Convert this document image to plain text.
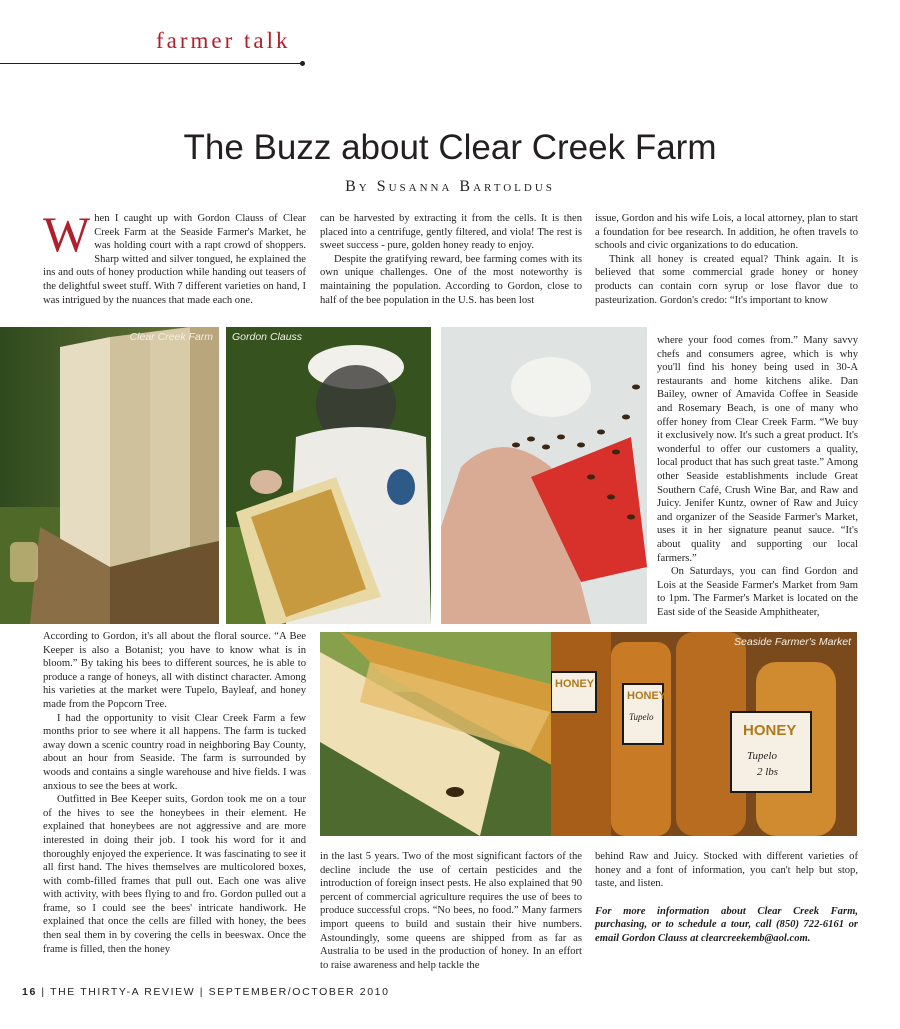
farmer talk
The Buzz about Clear Creek Farm
By Susanna Bartoldus

When I caught up with Gordon Clauss of Clear Creek Farm at the Seaside Farmer's Market, he was holding court with a rapt crowd of shoppers. Sharp witted and silver tongued, he explained the ins and outs of honey production while handing out teasers of the delightful sweet stuff. With 7 different varieties on hand, I was intrigued by the nuances that made each one.

can be harvested by extracting it from the cells. It is then placed into a centrifuge, gently filtered, and viola! The rest is sweet success - pure, golden honey ready to enjoy.

Despite the gratifying reward, bee farming comes with its own unique challenges. One of the most noteworthy is maintaining the population. According to Gordon, close to half of the bee population in the U.S. has been lost

issue, Gordon and his wife Lois, a local attorney, plan to start a foundation for bee research. In addition, he often travels to schools and civic organizations to do education.

Think all honey is created equal? Think again. It is believed that some commercial grade honey or honey products can contain corn syrup or lose flavor due to pasteurization. Gordon's credo: “It's important to know

where your food comes from.” Many savvy chefs and consumers agree, which is why you'll find his honey being used in 30-A restaurants and home kitchens alike. Dan Bailey, owner of Amavida Coffee in Seaside and Rosemary Beach, is one of many who offer honey from Clear Creek Farm. “We buy it exclusively now. It's such a great product. It's wonderful to offer our customers a quality, local product that has such great taste.” Among other Seaside establishments include Great Southern Café, Crush Wine Bar, and Raw and Juicy. Jenifer Kuntz, owner of Raw and Juicy and organizer of the Seaside Farmer's Market, uses it in her signature peanut sauce. “It's about quality and supporting our local farmers.”

On Saturdays, you can find Gordon and Lois at the Seaside Farmer's Market from 9am to 1pm. The Farmer's Market is located on the East side of the Seaside Amphitheater,

Clear Creek Farm Gordon Clauss

According to Gordon, it's all about the floral source. “A Bee Keeper is also a Botanist; you have to know what is in bloom.” By taking his bees to different sources, he is able to produce a range of honeys, all with distinct character. Among his varieties at the market were Tupelo, Bayleaf, and honey made from the Popcorn Tree.

I had the opportunity to visit Clear Creek Farm a few months prior to see where it all happens. The farm is tucked away down a scenic country road in neighboring Bay County, about an hour from Seaside. The farm is surrounded by woods and contains a single warehouse and hive fields. I was anxious to see the bees at work.

Outfitted in Bee Keeper suits, Gordon took me on a tour of the hives to see the honeybees in their element. He explained that honeybees are not aggressive and are more interested in doing their job. I took his word for it and thoroughly enjoyed the experience. It was fascinating to see it all first hand. The hives themselves are multicolored boxes, with comb-filled frames that pull out. Each one was alive with activity, with bees flying to and fro. Gordon pulled out a frame, so I could see the bees' intricate handiwork. He explained that once the cells are filled with honey, the bees then seal them in by covering the cells in beeswax. Once the frame is filled, then the honey

HONEY
HONEY
Tupelo
HONEY
Tupelo
2 lbs
Seaside Farmer's Market

in the last 5 years. Two of the most significant factors of the decline include the use of certain pesticides and the introduction of foreign insect pests. He also explained that 90 percent of commercial agriculture requires the use of bees to produce successful crops. “No bees, no food.” Many farmers import queens to build and sustain their hive numbers. Astoundingly, some queens are shipped from as far as Australia to be used in the production of honey. In an effort to raise awareness and help tackle the

behind Raw and Juicy. Stocked with different varieties of honey and a font of information, you can't help but stop, taste, and listen.

For more information about Clear Creek Farm, purchasing, or to schedule a tour, call (850) 722-6161 or email Gordon Clauss at clearcreekemb@aol.com.

16 | THE THIRTY-A REVIEW | SEPTEMBER/OCTOBER 2010
